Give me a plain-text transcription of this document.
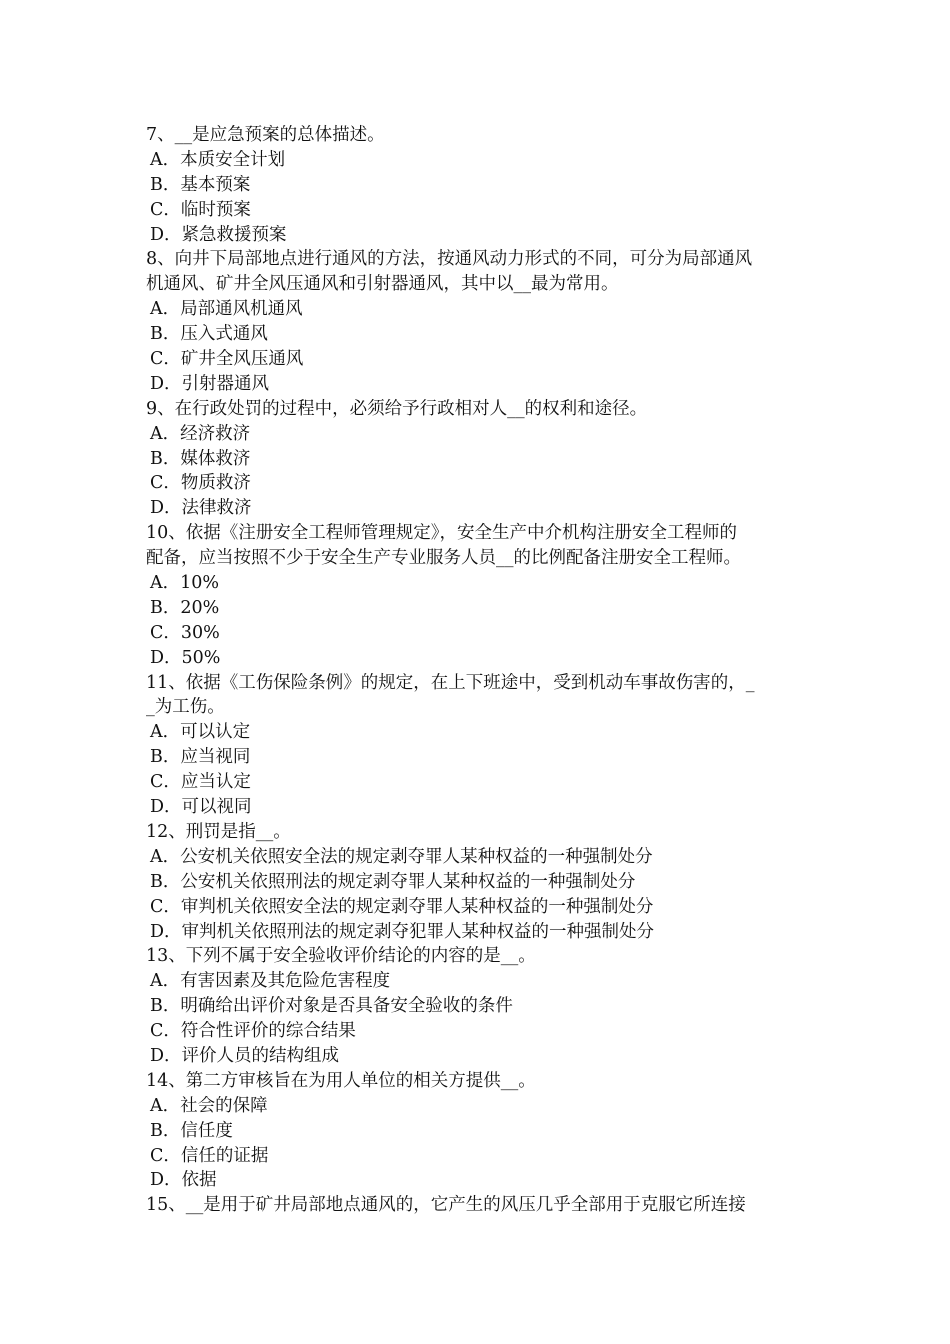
7、__是应急预案的总体描述。
A．本质安全计划
B．基本预案
C．临时预案
D．紧急救援预案
8、向井下局部地点进行通风的方法，按通风动力形式的不同，可分为局部通风
机通风、矿井全风压通风和引射器通风，其中以__最为常用。
A．局部通风机通风
B．压入式通风
C．矿井全风压通风
D．引射器通风
9、在行政处罚的过程中，必须给予行政相对人__的权利和途径。
A．经济救济
B．媒体救济
C．物质救济
D．法律救济
10、依据《注册安全工程师管理规定》，安全生产中介机构注册安全工程师的
配备，应当按照不少于安全生产专业服务人员__的比例配备注册安全工程师。
A．10%
B．20%
C．30%
D．50%
11、依据《工伤保险条例》的规定，在上下班途中，受到机动车事故伤害的，_
_为工伤。
A．可以认定
B．应当视同
C．应当认定
D．可以视同
12、刑罚是指__。
A．公安机关依照安全法的规定剥夺罪人某种权益的一种强制处分
B．公安机关依照刑法的规定剥夺罪人某种权益的一种强制处分
C．审判机关依照安全法的规定剥夺罪人某种权益的一种强制处分
D．审判机关依照刑法的规定剥夺犯罪人某种权益的一种强制处分
13、下列不属于安全验收评价结论的内容的是__。
A．有害因素及其危险危害程度
B．明确给出评价对象是否具备安全验收的条件
C．符合性评价的综合结果
D．评价人员的结构组成
14、第二方审核旨在为用人单位的相关方提供__。
A．社会的保障
B．信任度
C．信任的证据
D．依据
15、__是用于矿井局部地点通风的，它产生的风压几乎全部用于克服它所连接
